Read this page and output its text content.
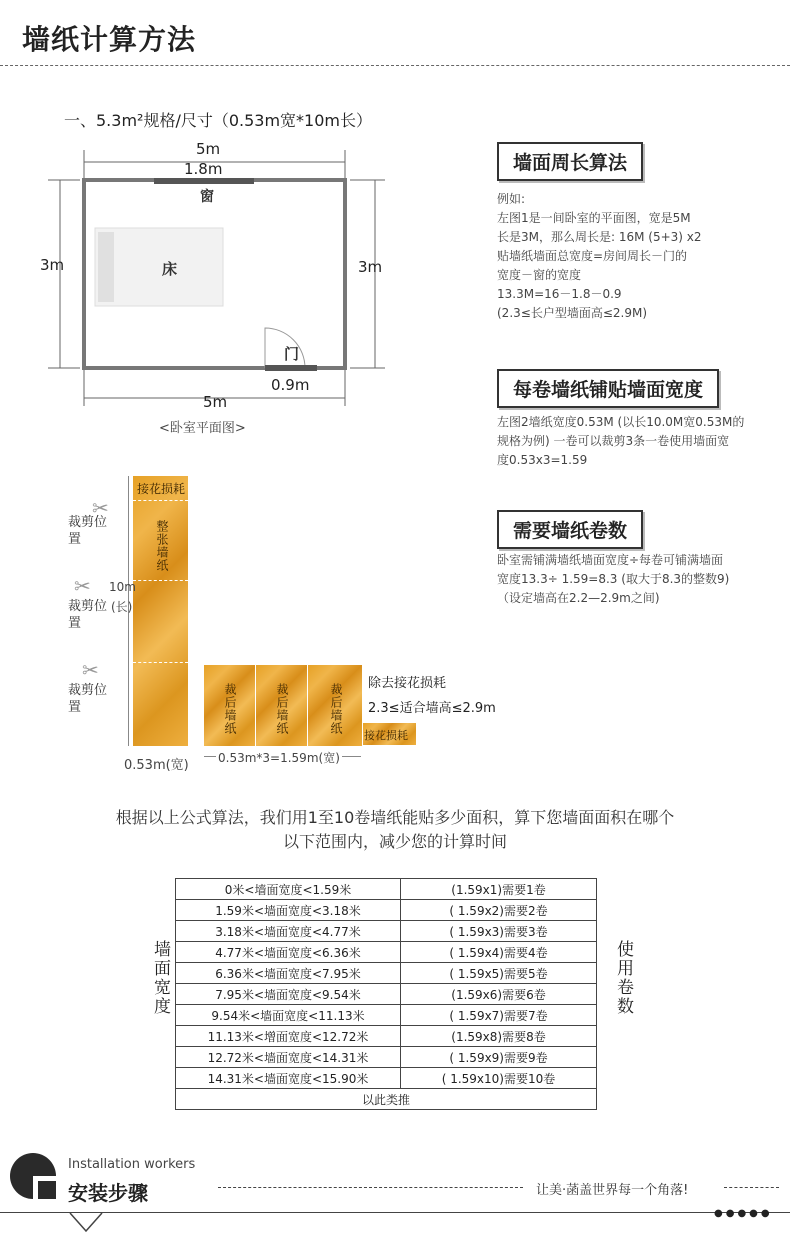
墙纸计算方法
一、5.3m²规格/尺寸（0.53m宽*10m长）
5m
1.8m
窗
3m	3m
床
门
0.9m
5m
<卧室平面图>
墙面周长算法
例如:
左图1是一间卧室的平面图，宽是5M
长是3M，那么周长是: 16M (5+3) x2
贴墙纸墙面总宽度=房间周长－门的
宽度－窗的宽度
13.3M=16－1.8－0.9
(2.3≤长户型墙面高≤2.9M)
每卷墙纸铺贴墙面宽度
左图2墙纸宽度0.53M (以长10.0M宽0.53M的
规格为例) 一卷可以裁剪3条一卷使用墙面宽
度0.53x3=1.59
需要墙纸卷数
卧室需铺满墙纸墙面宽度÷每卷可铺满墙面
宽度13.3÷ 1.59=8.3 (取大于8.3的整数9)
（设定墙高在2.2—2.9m之间)
接花损耗
整张墙纸
10m
(长)
✂
裁剪位置
✂
裁剪位置
✂
裁剪位置
0.53m(宽)
裁后墙纸	裁后墙纸	裁后墙纸
接花损耗
除去接花损耗
2.3≤适合墙高≤2.9m
0.53m*3=1.59m(宽)
根据以上公式算法，我们用1至10卷墙纸能贴多少面积，算下您墙面面积在哪个
以下范围内，减少您的计算时间
墙面宽度	使用卷数
0米<墙面宽度<1.59米	(1.59x1)需要1卷
1.59米<墙面宽度<3.18米	( 1.59x2)需要2卷
3.18米<墙面宽度<4.77米	( 1.59x3)需要3卷
4.77米<墙面宽度<6.36米	( 1.59x4)需要4卷
6.36米<墙面宽度<7.95米	( 1.59x5)需要5卷
7.95米<墙面宽度<9.54米	(1.59x6)需要6卷
9.54米<墙面宽度<11.13米	( 1.59x7)需要7卷
11.13米<增面宽度<12.72米	(1.59x8)需要8卷
12.72米<墙面宽度<14.31米	( 1.59x9)需要9卷
14.31米<墙面宽度<15.90米	( 1.59x10)需要10卷
以此类推	
Installation workers
安装步骤	让美·菡盖世界每一个角落!
●●●●●
